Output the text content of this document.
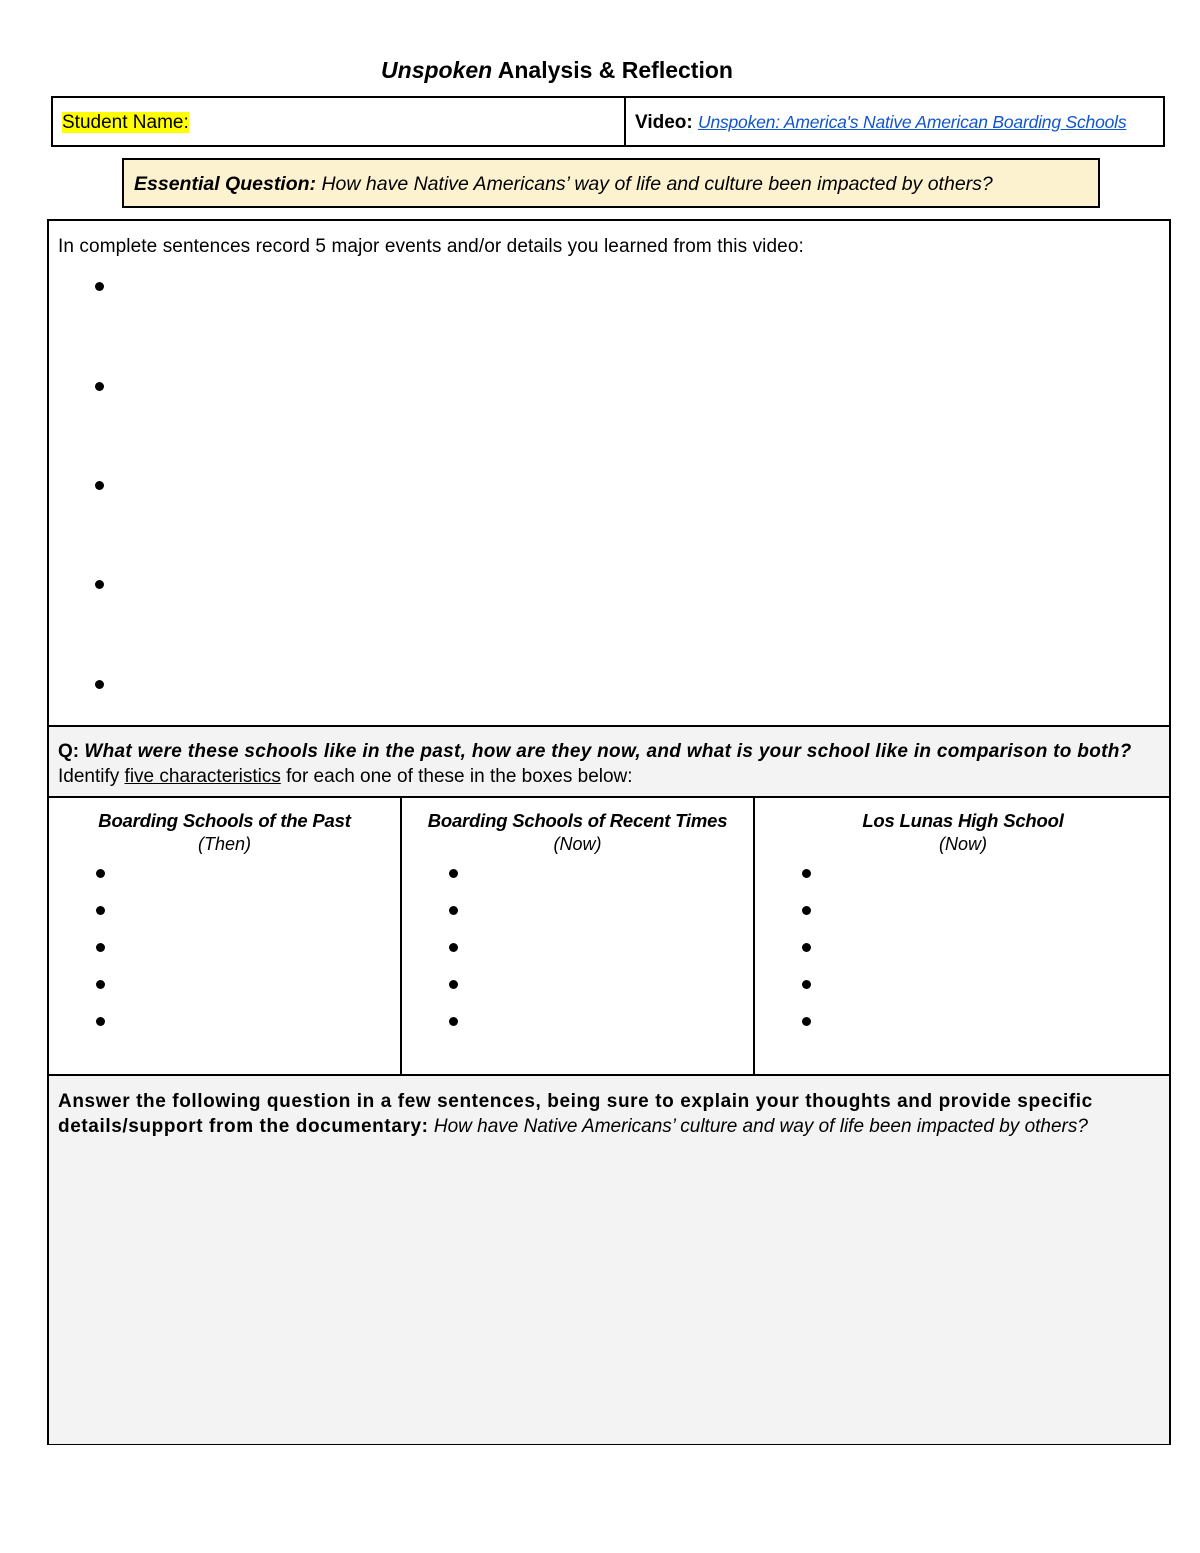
Unspoken Analysis & Reflection
Student Name:	Video: Unspoken: America's Native American Boarding Schools
Essential Question: How have Native Americans’ way of life and culture been impacted by others?
In complete sentences record 5 major events and/or details you learned from this video:
Q: What were these schools like in the past, how are they now, and what is your school like in comparison to both? Identify five characteristics for each one of these in the boxes below:
Boarding Schools of the Past
(Then)
Boarding Schools of Recent Times
(Now)
Los Lunas High School
(Now)
Answer the following question in a few sentences, being sure to explain your thoughts and provide specific details/support from the documentary: How have Native Americans’ culture and way of life been impacted by others?
